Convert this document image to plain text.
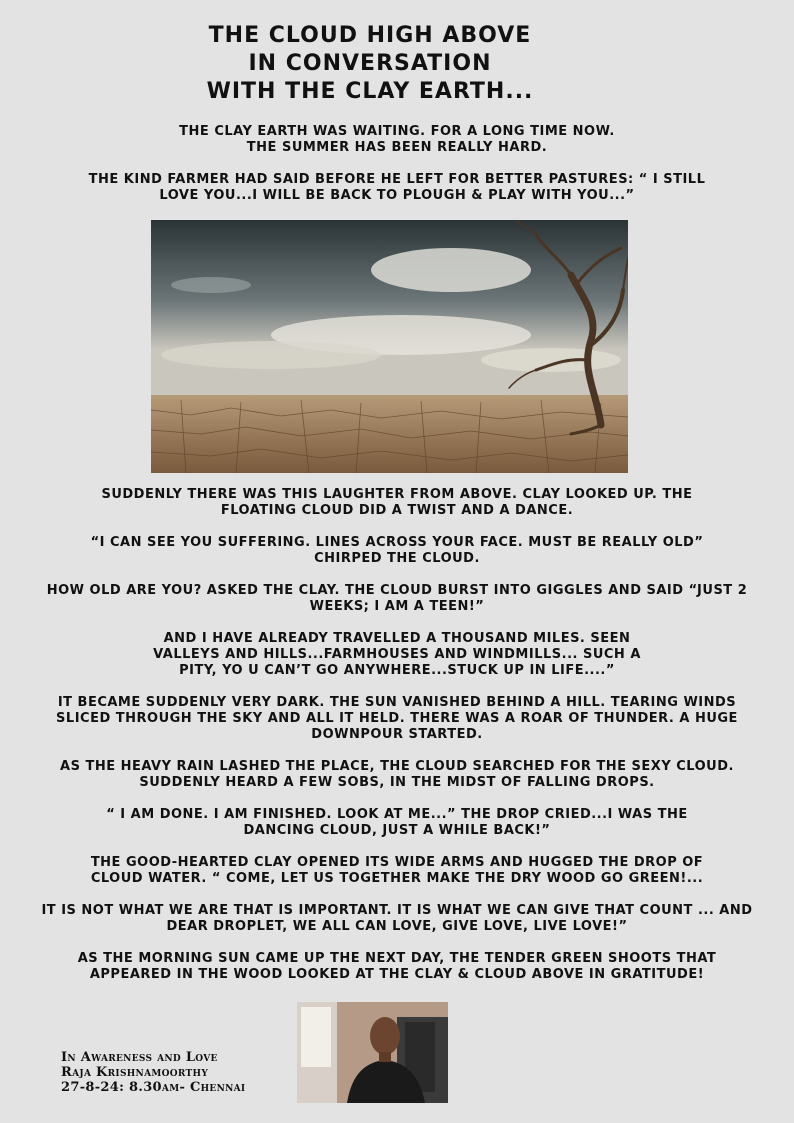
THE CLOUD HIGH ABOVE
IN CONVERSATION
WITH THE CLAY EARTH...

THE CLAY EARTH WAS WAITING. FOR A LONG TIME NOW.

THE SUMMER HAS BEEN REALLY HARD.

THE KIND FARMER HAD SAID BEFORE HE LEFT FOR BETTER PASTURES: “ I STILL LOVE YOU...I WILL BE BACK TO PLOUGH & PLAY WITH YOU...”

SUDDENLY THERE WAS THIS LAUGHTER FROM ABOVE. CLAY LOOKED UP. THE FLOATING CLOUD DID A TWIST AND A DANCE.

“I CAN SEE YOU SUFFERING. LINES ACROSS YOUR FACE. MUST BE REALLY OLD” CHIRPED THE CLOUD.

HOW OLD ARE YOU? ASKED THE CLAY. THE CLOUD BURST INTO GIGGLES AND SAID “JUST 2 WEEKS; I AM A TEEN!”

AND I HAVE ALREADY TRAVELLED A THOUSAND MILES. SEEN VALLEYS AND HILLS...FARMHOUSES AND WINDMILLS... SUCH A PITY, YO U CAN’T GO ANYWHERE...STUCK UP IN LIFE....”

IT BECAME SUDDENLY VERY DARK. THE SUN VANISHED BEHIND A HILL. TEARING WINDS SLICED THROUGH THE SKY AND ALL IT HELD. THERE WAS A ROAR OF THUNDER. A HUGE DOWNPOUR STARTED.

AS THE HEAVY RAIN LASHED THE PLACE, THE CLOUD SEARCHED FOR THE SEXY CLOUD. SUDDENLY HEARD A FEW SOBS, IN THE MIDST OF FALLING DROPS.

“ I AM DONE. I AM FINISHED. LOOK AT ME...” THE DROP CRIED...I WAS THE DANCING CLOUD, JUST A WHILE BACK!”

THE GOOD-HEARTED CLAY OPENED ITS WIDE ARMS AND HUGGED THE DROP OF CLOUD WATER. “ COME, LET US TOGETHER MAKE THE DRY WOOD GO GREEN!...

IT IS NOT WHAT WE ARE THAT IS IMPORTANT. IT IS WHAT WE CAN GIVE THAT COUNT ... AND DEAR DROPLET, WE ALL CAN LOVE, GIVE LOVE, LIVE LOVE!”

AS THE MORNING SUN CAME UP THE NEXT DAY, THE TENDER GREEN SHOOTS THAT APPEARED IN THE WOOD LOOKED AT THE CLAY & CLOUD ABOVE IN GRATITUDE!

In Awareness and Love
Raja Krishnamoorthy
27-8-24: 8.30am- Chennai
